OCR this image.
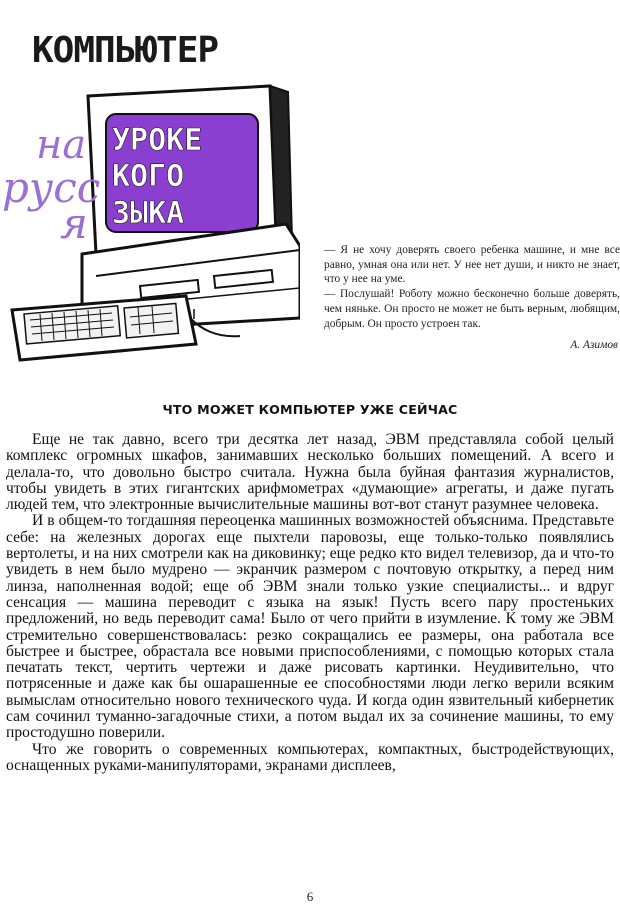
КОМПЬЮТЕР
УРОКЕ
КОГО
ЗЫКА
на
русс
я

— Я не хочу доверять своего ребенка машине, и мне все равно, умная она или нет. У нее нет души, и никто не знает, что у нее на уме.

— Послушай! Роботу можно бесконечно больше доверять, чем няньке. Он просто не может не быть верным, любящим, добрым. Он просто устроен так.

А. Азимов

ЧТО МОЖЕТ КОМПЬЮТЕР УЖЕ СЕЙЧАС

Еще не так давно, всего три десятка лет назад, ЭВМ представляла собой целый комплекс огромных шкафов, занимавших несколько больших помещений. А всего и делала-то, что довольно быстро считала. Нужна была буйная фантазия журналистов, чтобы увидеть в этих гигантских арифмометрах «думающие» агрегаты, и даже пугать людей тем, что электронные вычислительные машины вот-вот станут разумнее человека.

И в общем-то тогдашняя переоценка машинных возможностей объяснима. Представьте себе: на железных дорогах еще пыхтели паровозы, еще только-только появлялись вертолеты, и на них смотрели как на диковинку; еще редко кто видел телевизор, да и что-то увидеть в нем было мудрено — экранчик размером с почтовую открытку, а перед ним линза, наполненная водой; еще об ЭВМ знали только узкие специалисты... и вдруг сенсация — машина переводит с языка на язык! Пусть всего пару простеньких предложений, но ведь переводит сама! Было от чего прийти в изумление. К тому же ЭВМ стремительно совершенствовалась: резко сокращались ее размеры, она работала все быстрее и быстрее, обрастала все новыми приспособлениями, с помощью которых стала печатать текст, чертить чертежи и даже рисовать картинки. Неудивительно, что потрясенные и даже как бы ошарашенные ее способностями люди легко верили всяким вымыслам относительно нового технического чуда. И когда один язвительный кибернетик сам сочинил туманно-загадочные стихи, а потом выдал их за сочинение машины, то ему простодушно поверили.

Что же говорить о современных компьютерах, компактных, быстродействующих, оснащенных руками-манипуляторами, экранами дисплеев,

6
